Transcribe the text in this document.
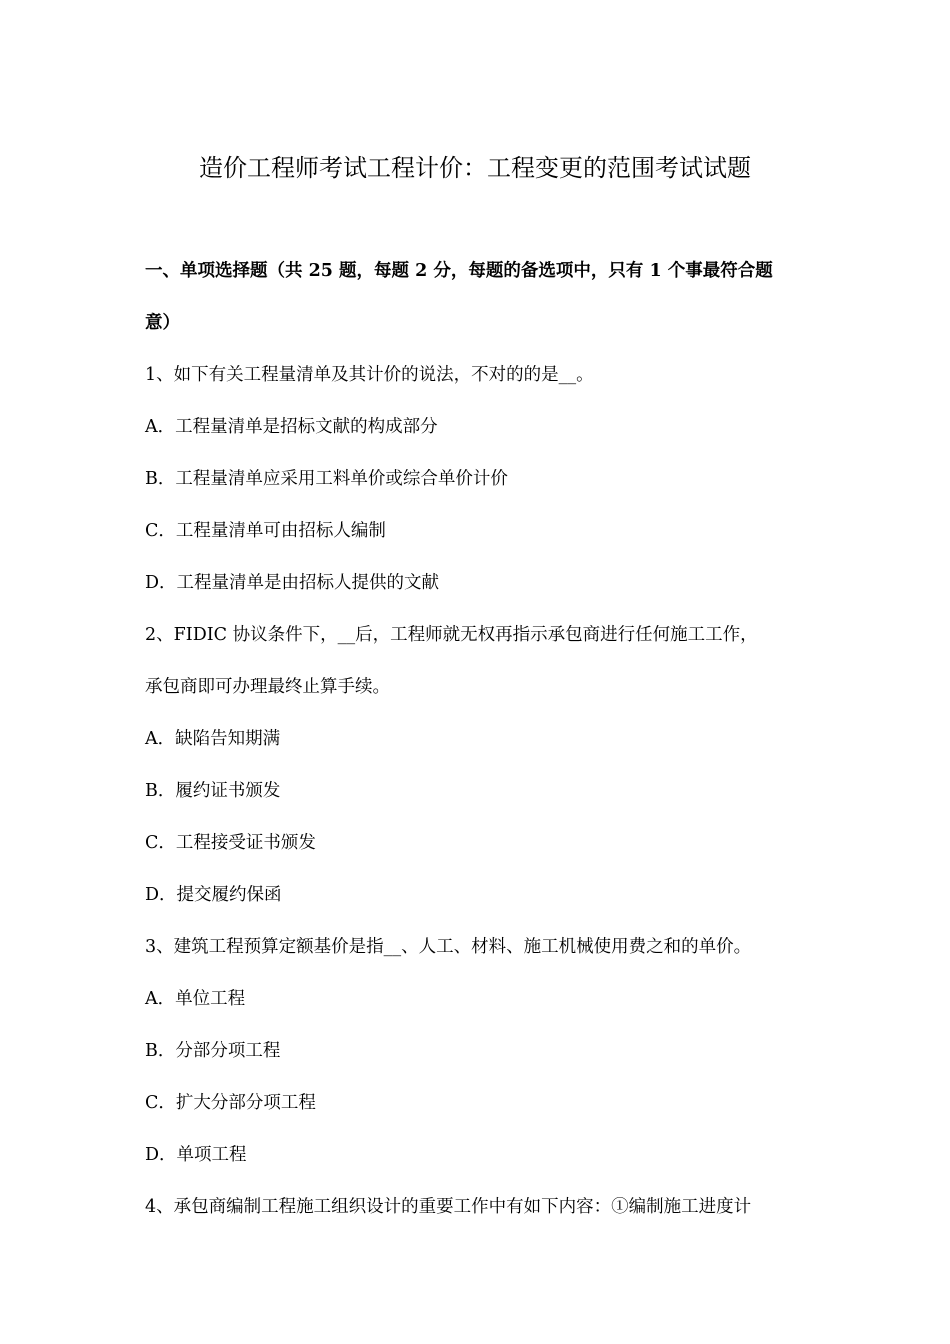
造价工程师考试工程计价：工程变更的范围考试试题
一、单项选择题（共 25 题，每题 2 分，每题的备选项中，只有 1 个事最符合题
意）
1、如下有关工程量清单及其计价的说法，不对的的是__。
A．工程量清单是招标文献的构成部分
B．工程量清单应采用工料单价或综合单价计价
C．工程量清单可由招标人编制
D．工程量清单是由招标人提供的文献
2、FIDIC 协议条件下，__后，工程师就无权再指示承包商进行任何施工工作，
承包商即可办理最终止算手续。
A．缺陷告知期满
B．履约证书颁发
C．工程接受证书颁发
D．提交履约保函
3、建筑工程预算定额基价是指__、人工、材料、施工机械使用费之和的单价。
A．单位工程
B．分部分项工程
C．扩大分部分项工程
D．单项工程
4、承包商编制工程施工组织设计的重要工作中有如下内容：①编制施工进度计
